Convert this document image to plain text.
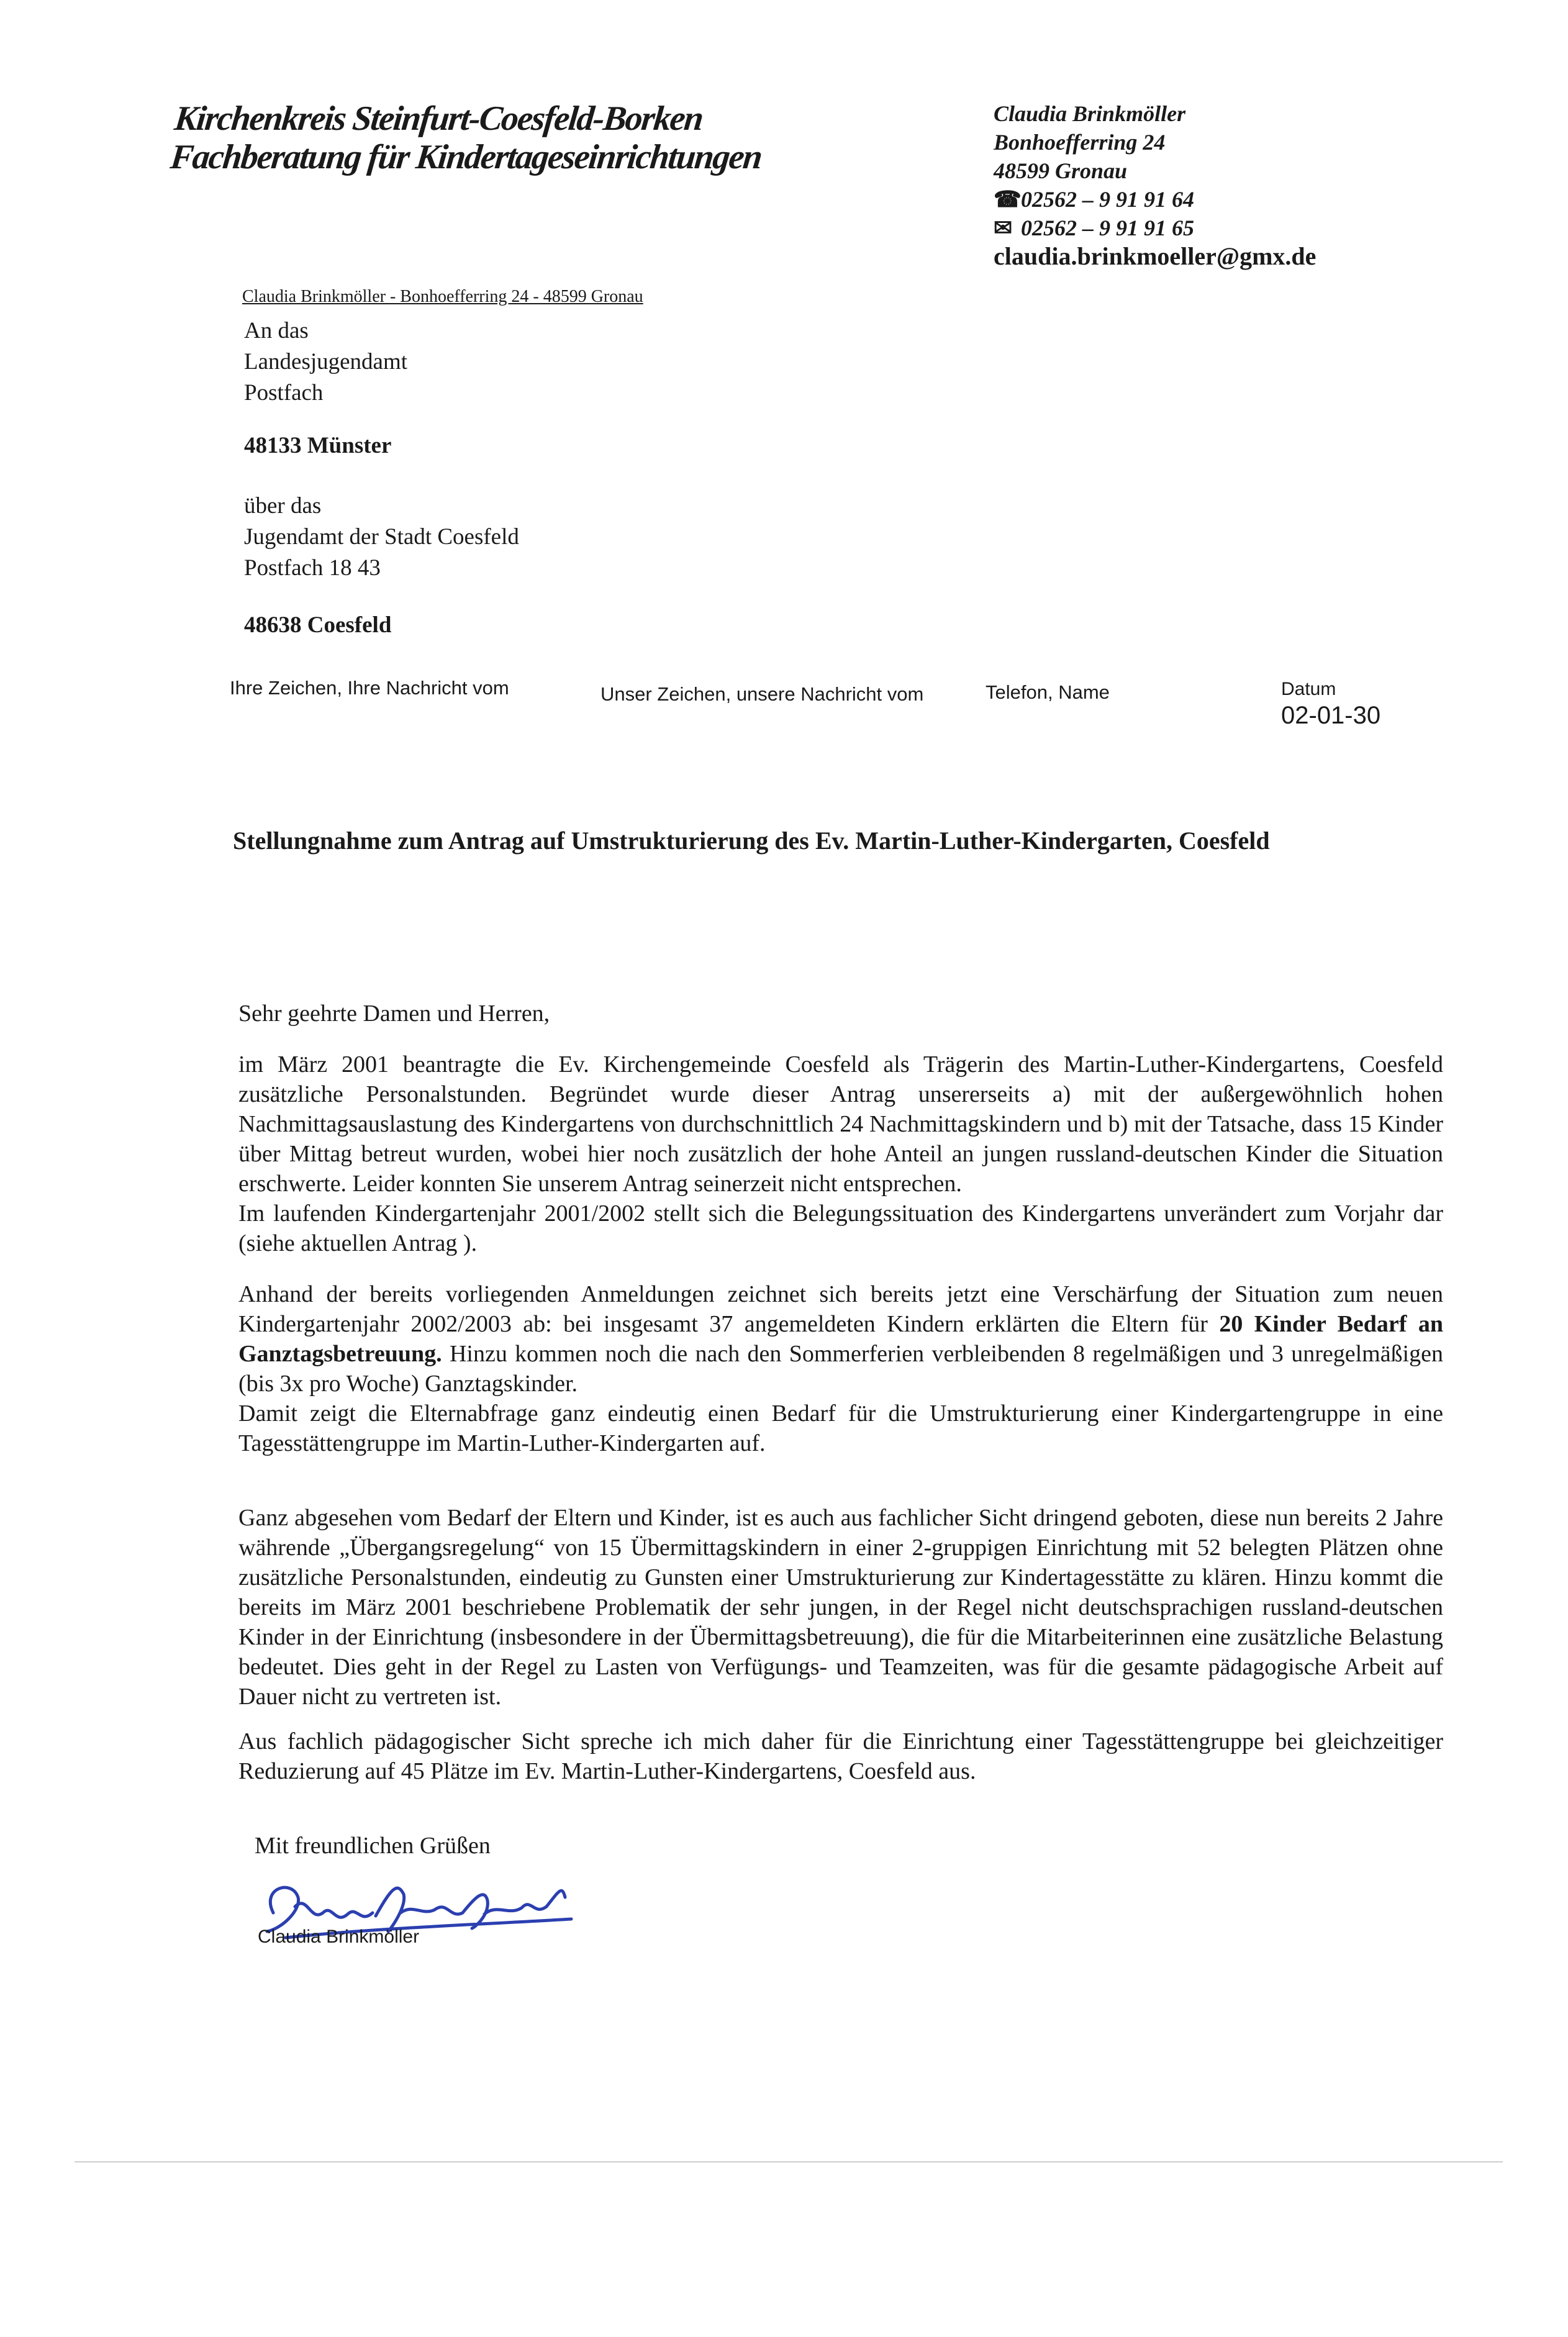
Kirchenkreis Steinfurt-Coesfeld-Borken
Fachberatung für Kindertageseinrichtungen
Claudia Brinkmöller
Bonhoefferring 24
48599 Gronau
☎02562 – 9 91 91 64
✉ 02562 – 9 91 91 65
claudia.brinkmoeller@gmx.de
Claudia Brinkmöller - Bonhoefferring 24 - 48599 Gronau
An das
Landesjugendamt
Postfach
48133 Münster
über das
Jugendamt der Stadt Coesfeld
Postfach 18 43
48638 Coesfeld
Ihre Zeichen, Ihre Nachricht vom	Unser Zeichen, unsere Nachricht vom	Telefon, Name	Datum
02-01-30
Stellungnahme zum Antrag auf Umstrukturierung des Ev. Martin-Luther-Kindergarten, Coesfeld
Sehr geehrte Damen und Herren,

im März 2001 beantragte die Ev. Kirchengemeinde Coesfeld als Trägerin des Martin-Luther-Kindergartens, Coesfeld zusätzliche Personalstunden. Begründet wurde dieser Antrag unsererseits a) mit der außergewöhnlich hohen Nachmittagsauslastung des Kindergartens von durchschnittlich 24 Nachmittagskindern und b) mit der Tatsache, dass 15 Kinder über Mittag betreut wurden, wobei hier noch zusätzlich der hohe Anteil an jungen russland-deutschen Kinder die Situation erschwerte. Leider konnten Sie unserem Antrag seinerzeit nicht entsprechen.

Im laufenden Kindergartenjahr 2001/2002 stellt sich die Belegungssituation des Kindergartens unverändert zum Vorjahr dar (siehe aktuellen Antrag ).

Anhand der bereits vorliegenden Anmeldungen zeichnet sich bereits jetzt eine Verschärfung der Situation zum neuen Kindergartenjahr 2002/2003 ab: bei insgesamt 37 angemeldeten Kindern erklärten die Eltern für 20 Kinder Bedarf an Ganztagsbetreuung. Hinzu kommen noch die nach den Sommerferien verbleibenden 8 regelmäßigen und 3 unregelmäßigen (bis 3x pro Woche) Ganztagskinder.

Damit zeigt die Elternabfrage ganz eindeutig einen Bedarf für die Umstrukturierung einer Kindergartengruppe in eine Tagesstättengruppe im Martin-Luther-Kindergarten auf.

Ganz abgesehen vom Bedarf der Eltern und Kinder, ist es auch aus fachlicher Sicht dringend geboten, diese nun bereits 2 Jahre währende „Übergangsregelung“ von 15 Übermittagskindern in einer 2-gruppigen Einrichtung mit 52 belegten Plätzen ohne zusätzliche Personalstunden, eindeutig zu Gunsten einer Umstrukturierung zur Kindertagesstätte zu klären. Hinzu kommt die bereits im März 2001 beschriebene Problematik der sehr jungen, in der Regel nicht deutschsprachigen russland-deutschen Kinder in der Einrichtung (insbesondere in der Übermittagsbetreuung), die für die Mitarbeiterinnen eine zusätzliche Belastung bedeutet. Dies geht in der Regel zu Lasten von Verfügungs- und Teamzeiten, was für die gesamte pädagogische Arbeit auf Dauer nicht zu vertreten ist.

Aus fachlich pädagogischer Sicht spreche ich mich daher für die Einrichtung einer Tagesstättengruppe bei gleichzeitiger Reduzierung auf 45 Plätze im Ev. Martin-Luther-Kindergartens, Coesfeld aus.

Mit freundlichen Grüßen
Claudia Brinkmöller
